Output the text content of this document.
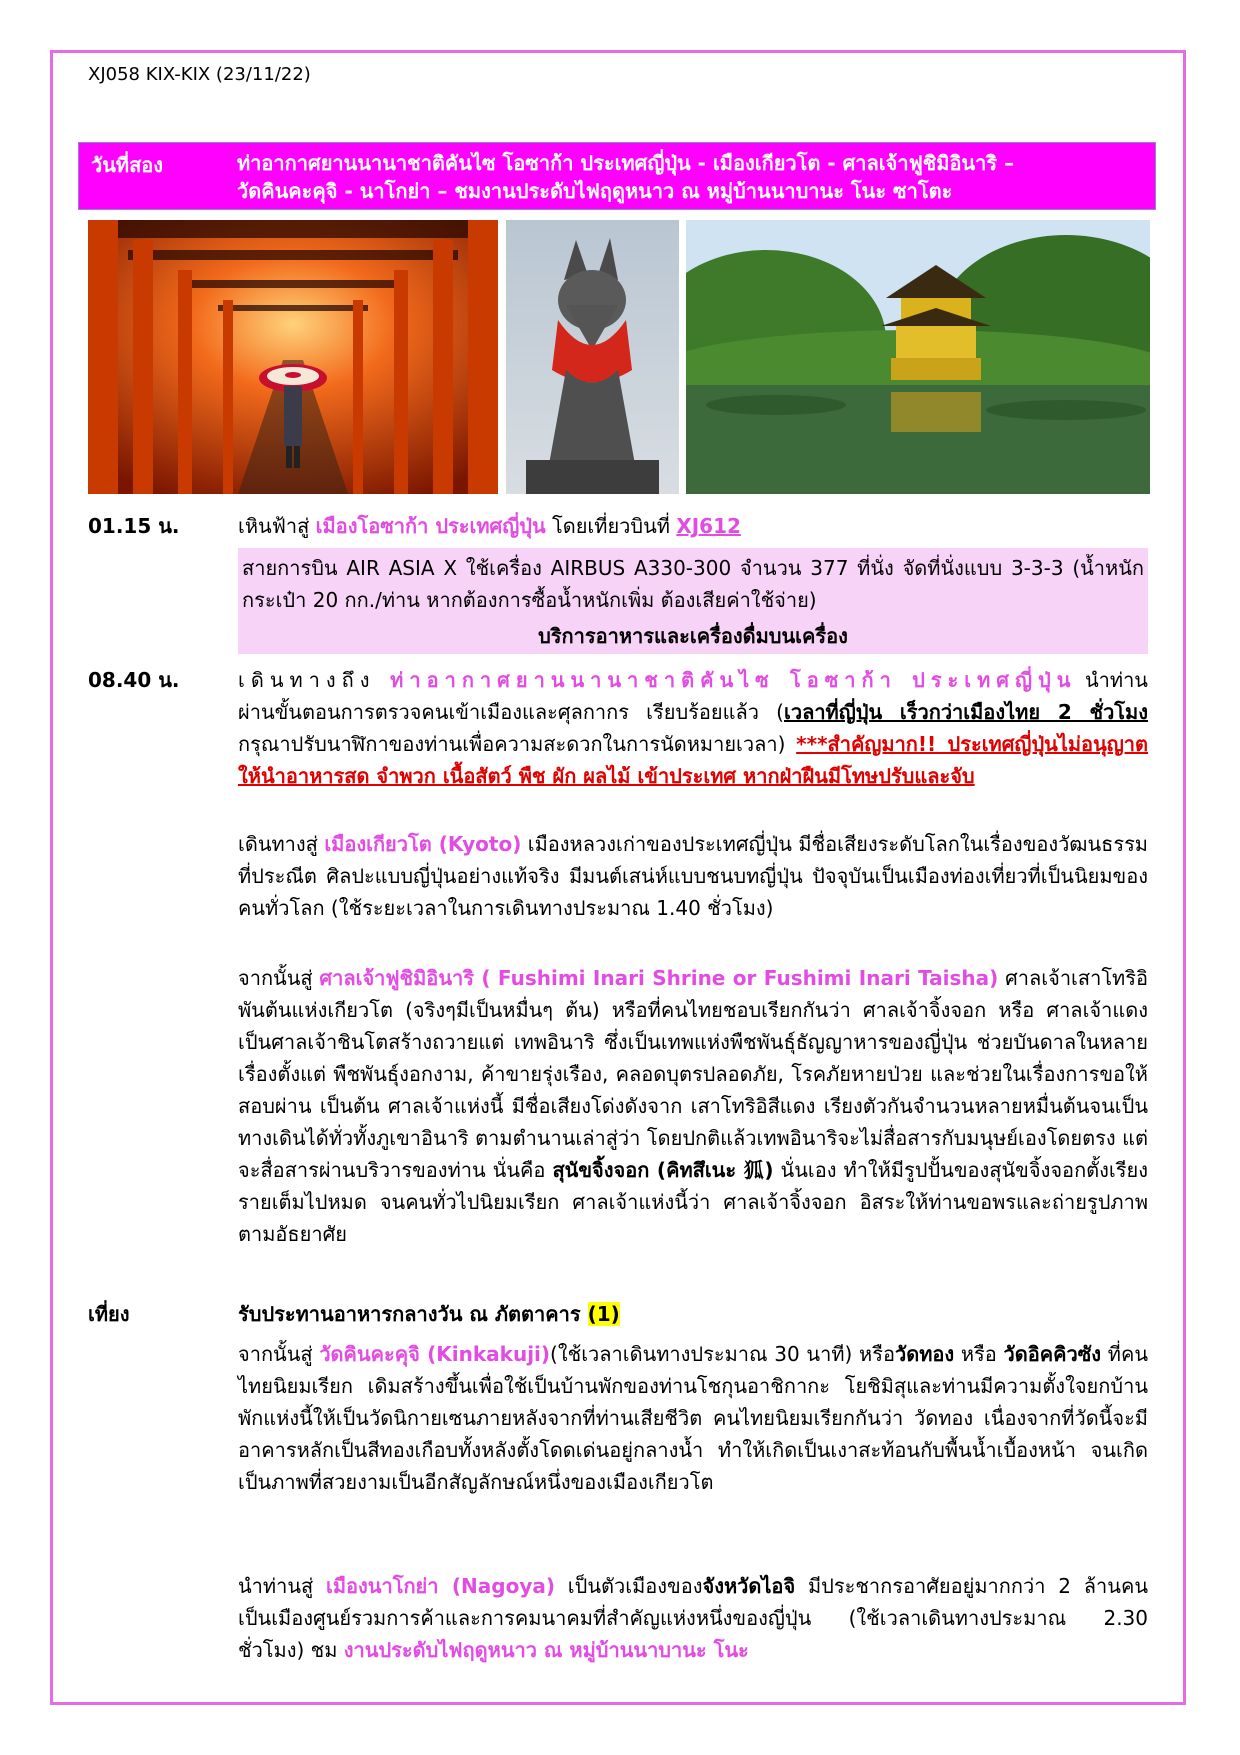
XJ058 KIX-KIX (23/11/22)
วันที่สอง	ท่าอากาศยานนานาชาติคันไซ โอซาก้า ประเทศญี่ปุ่น - เมืองเกียวโต - ศาลเจ้าฟูชิมิอินาริ –
วัดคินคะคุจิ - นาโกย่า – ชมงานประดับไฟฤดูหนาว ณ หมู่บ้านนาบานะ โนะ ซาโตะ
01.15 น.	เหินฟ้าสู่ เมืองโอซาก้า ประเทศญี่ปุ่น โดยเที่ยวบินที่ XJ612
สายการบิน AIR ASIA X ใช้เครื่อง AIRBUS A330-300 จำนวน 377 ที่นั่ง จัดที่นั่งแบบ 3-3-3 (น้ำหนักกระเป๋า 20 กก./ท่าน หากต้องการซื้อน้ำหนักเพิ่ม ต้องเสียค่าใช้จ่าย)
บริการอาหารและเครื่องดื่มบนเครื่อง
08.40 น.	เดินทางถึง ท่าอากาศยานนานาชาติคันไซ โอซาก้า ประเทศญี่ปุ่น นำท่านผ่านขั้นตอนการตรวจคนเข้าเมืองและศุลกากร เรียบร้อยแล้ว (เวลาที่ญี่ปุ่น เร็วกว่าเมืองไทย 2 ชั่วโมง กรุณาปรับนาฬิกาของท่านเพื่อความสะดวกในการนัดหมายเวลา) ***สำคัญมาก!! ประเทศญี่ปุ่นไม่อนุญาตให้นำอาหารสด จำพวก เนื้อสัตว์ พืช ผัก ผลไม้ เข้าประเทศ หากฝ่าฝืนมีโทษปรับและจับ
เดินทางสู่ เมืองเกียวโต (Kyoto) เมืองหลวงเก่าของประเทศญี่ปุ่น มีชื่อเสียงระดับโลกในเรื่องของวัฒนธรรมที่ประณีต ศิลปะแบบญี่ปุ่นอย่างแท้จริง มีมนต์เสน่ห์แบบชนบทญี่ปุ่น ปัจจุบันเป็นเมืองท่องเที่ยวที่เป็นนิยมของคนทั่วโลก (ใช้ระยะเวลาในการเดินทางประมาณ 1.40 ชั่วโมง)
จากนั้นสู่ ศาลเจ้าฟูชิมิอินาริ ( Fushimi Inari Shrine or Fushimi Inari Taisha) ศาลเจ้าเสาโทริอิพันต้นแห่งเกียวโต (จริงๆมีเป็นหมื่นๆ ต้น) หรือที่คนไทยชอบเรียกกันว่า ศาลเจ้าจิ้งจอก หรือ ศาลเจ้าแดง เป็นศาลเจ้าชินโตสร้างถวายแต่ เทพอินาริ ซึ่งเป็นเทพแห่งพืชพันธุ์ธัญญาหารของญี่ปุ่น ช่วยบันดาลในหลายเรื่องตั้งแต่ พืชพันธุ์งอกงาม, ค้าขายรุ่งเรือง, คลอดบุตรปลอดภัย, โรคภัยหายป่วย และช่วยในเรื่องการขอให้สอบผ่าน เป็นต้น ศาลเจ้าแห่งนี้ มีชื่อเสียงโด่งดังจาก เสาโทริอิสีแดง เรียงตัวกันจำนวนหลายหมื่นต้นจนเป็นทางเดินได้ทั่วทั้งภูเขาอินาริ ตามตำนานเล่าสู่ว่า โดยปกติแล้วเทพอินาริจะไม่สื่อสารกับมนุษย์เองโดยตรง แต่จะสื่อสารผ่านบริวารของท่าน นั่นคือ สุนัขจิ้งจอก (คิทสึเนะ 狐) นั่นเอง ทำให้มีรูปปั้นของสุนัขจิ้งจอกตั้งเรียงรายเต็มไปหมด จนคนทั่วไปนิยมเรียก ศาลเจ้าแห่งนี้ว่า ศาลเจ้าจิ้งจอก อิสระให้ท่านขอพรและถ่ายรูปภาพตามอัธยาศัย
เที่ยง	รับประทานอาหารกลางวัน ณ ภัตตาคาร (1)
จากนั้นสู่ วัดคินคะคุจิ (Kinkakuji)(ใช้เวลาเดินทางประมาณ 30 นาที) หรือวัดทอง หรือ วัดอิคคิวซัง ที่คนไทยนิยมเรียก เดิมสร้างขึ้นเพื่อใช้เป็นบ้านพักของท่านโชกุนอาชิกากะ โยชิมิสุและท่านมีความตั้งใจยกบ้านพักแห่งนี้ให้เป็นวัดนิกายเซนภายหลังจากที่ท่านเสียชีวิต คนไทยนิยมเรียกกันว่า วัดทอง เนื่องจากที่วัดนี้จะมีอาคารหลักเป็นสีทองเกือบทั้งหลังตั้งโดดเด่นอยู่กลางน้ำ ทำให้เกิดเป็นเงาสะท้อนกับพื้นน้ำเบื้องหน้า จนเกิดเป็นภาพที่สวยงามเป็นอีกสัญลักษณ์หนึ่งของเมืองเกียวโต
นำท่านสู่ เมืองนาโกย่า (Nagoya) เป็นตัวเมืองของจังหวัดไอจิ มีประชากรอาศัยอยู่มากกว่า 2 ล้านคน เป็นเมืองศูนย์รวมการค้าและการคมนาคมที่สำคัญแห่งหนึ่งของญี่ปุ่น (ใช้เวลาเดินทางประมาณ 2.30 ชั่วโมง) ชม งานประดับไฟฤดูหนาว ณ หมู่บ้านนาบานะ โนะ
